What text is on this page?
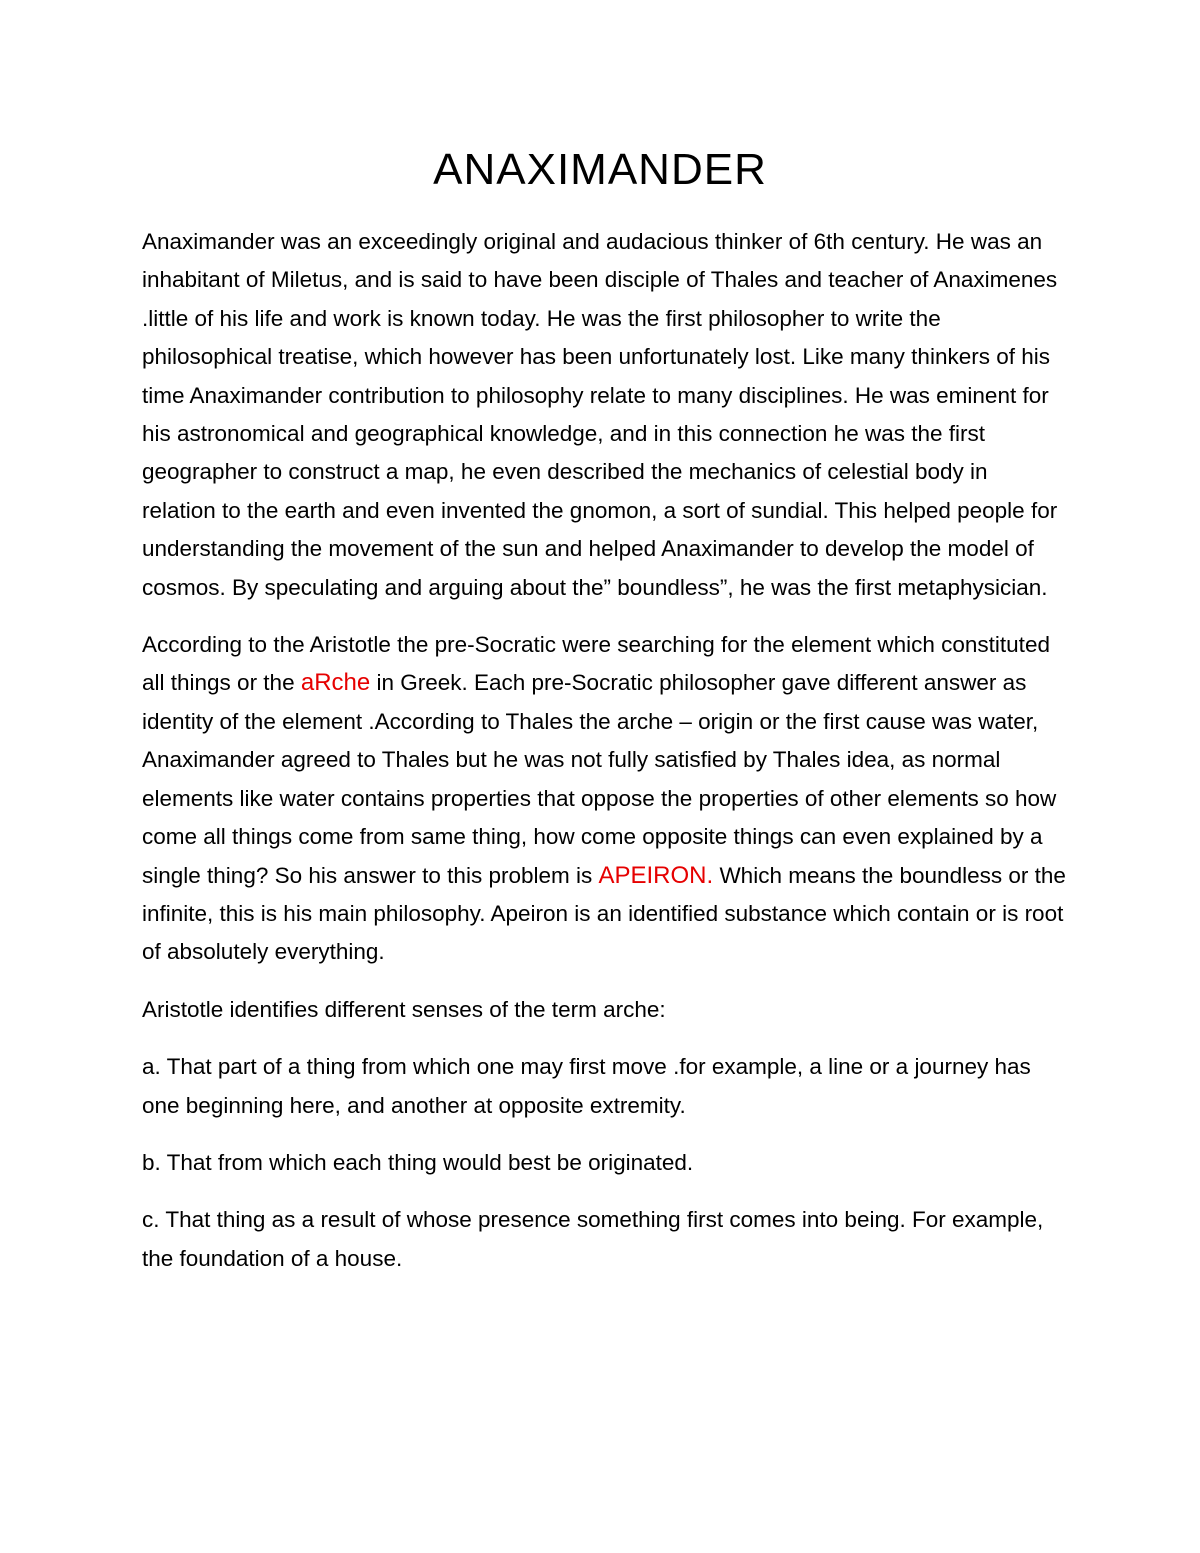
ANAXIMANDER

Anaximander was an exceedingly original and audacious thinker of 6th century. He was an inhabitant of Miletus, and is said to have been disciple of Thales and teacher of Anaximenes .little of his life and work is known today. He was the first philosopher to write the philosophical treatise, which however has been unfortunately lost. Like many thinkers of his time Anaximander contribution to philosophy relate to many disciplines. He was eminent for his astronomical and geographical knowledge, and in this connection he was the first geographer to construct a map, he even described the mechanics of celestial body in relation to the earth and even invented the gnomon, a sort of sundial. This helped people for understanding the movement of the sun and helped Anaximander to develop the model of cosmos. By speculating and arguing about the” boundless”, he was the first metaphysician.

According to the Aristotle the pre-Socratic were searching for the element which constituted all things or the aRche in Greek. Each pre-Socratic philosopher gave different answer as identity of the element .According to Thales the arche – origin or the first cause was water, Anaximander agreed to Thales but he was not fully satisfied by Thales idea, as normal elements like water contains properties that oppose the properties of other elements so how come all things come from same thing, how come opposite things can even explained by a single thing? So his answer to this problem is APEIRON. Which means the boundless or the infinite, this is his main philosophy. Apeiron is an identified substance which contain or is root of absolutely everything.

Aristotle identifies different senses of the term arche:

a. That part of a thing from which one may first move .for example, a line or a journey has one beginning here, and another at opposite extremity.

b. That from which each thing would best be originated.

c. That thing as a result of whose presence something first comes into being. For example, the foundation of a house.
